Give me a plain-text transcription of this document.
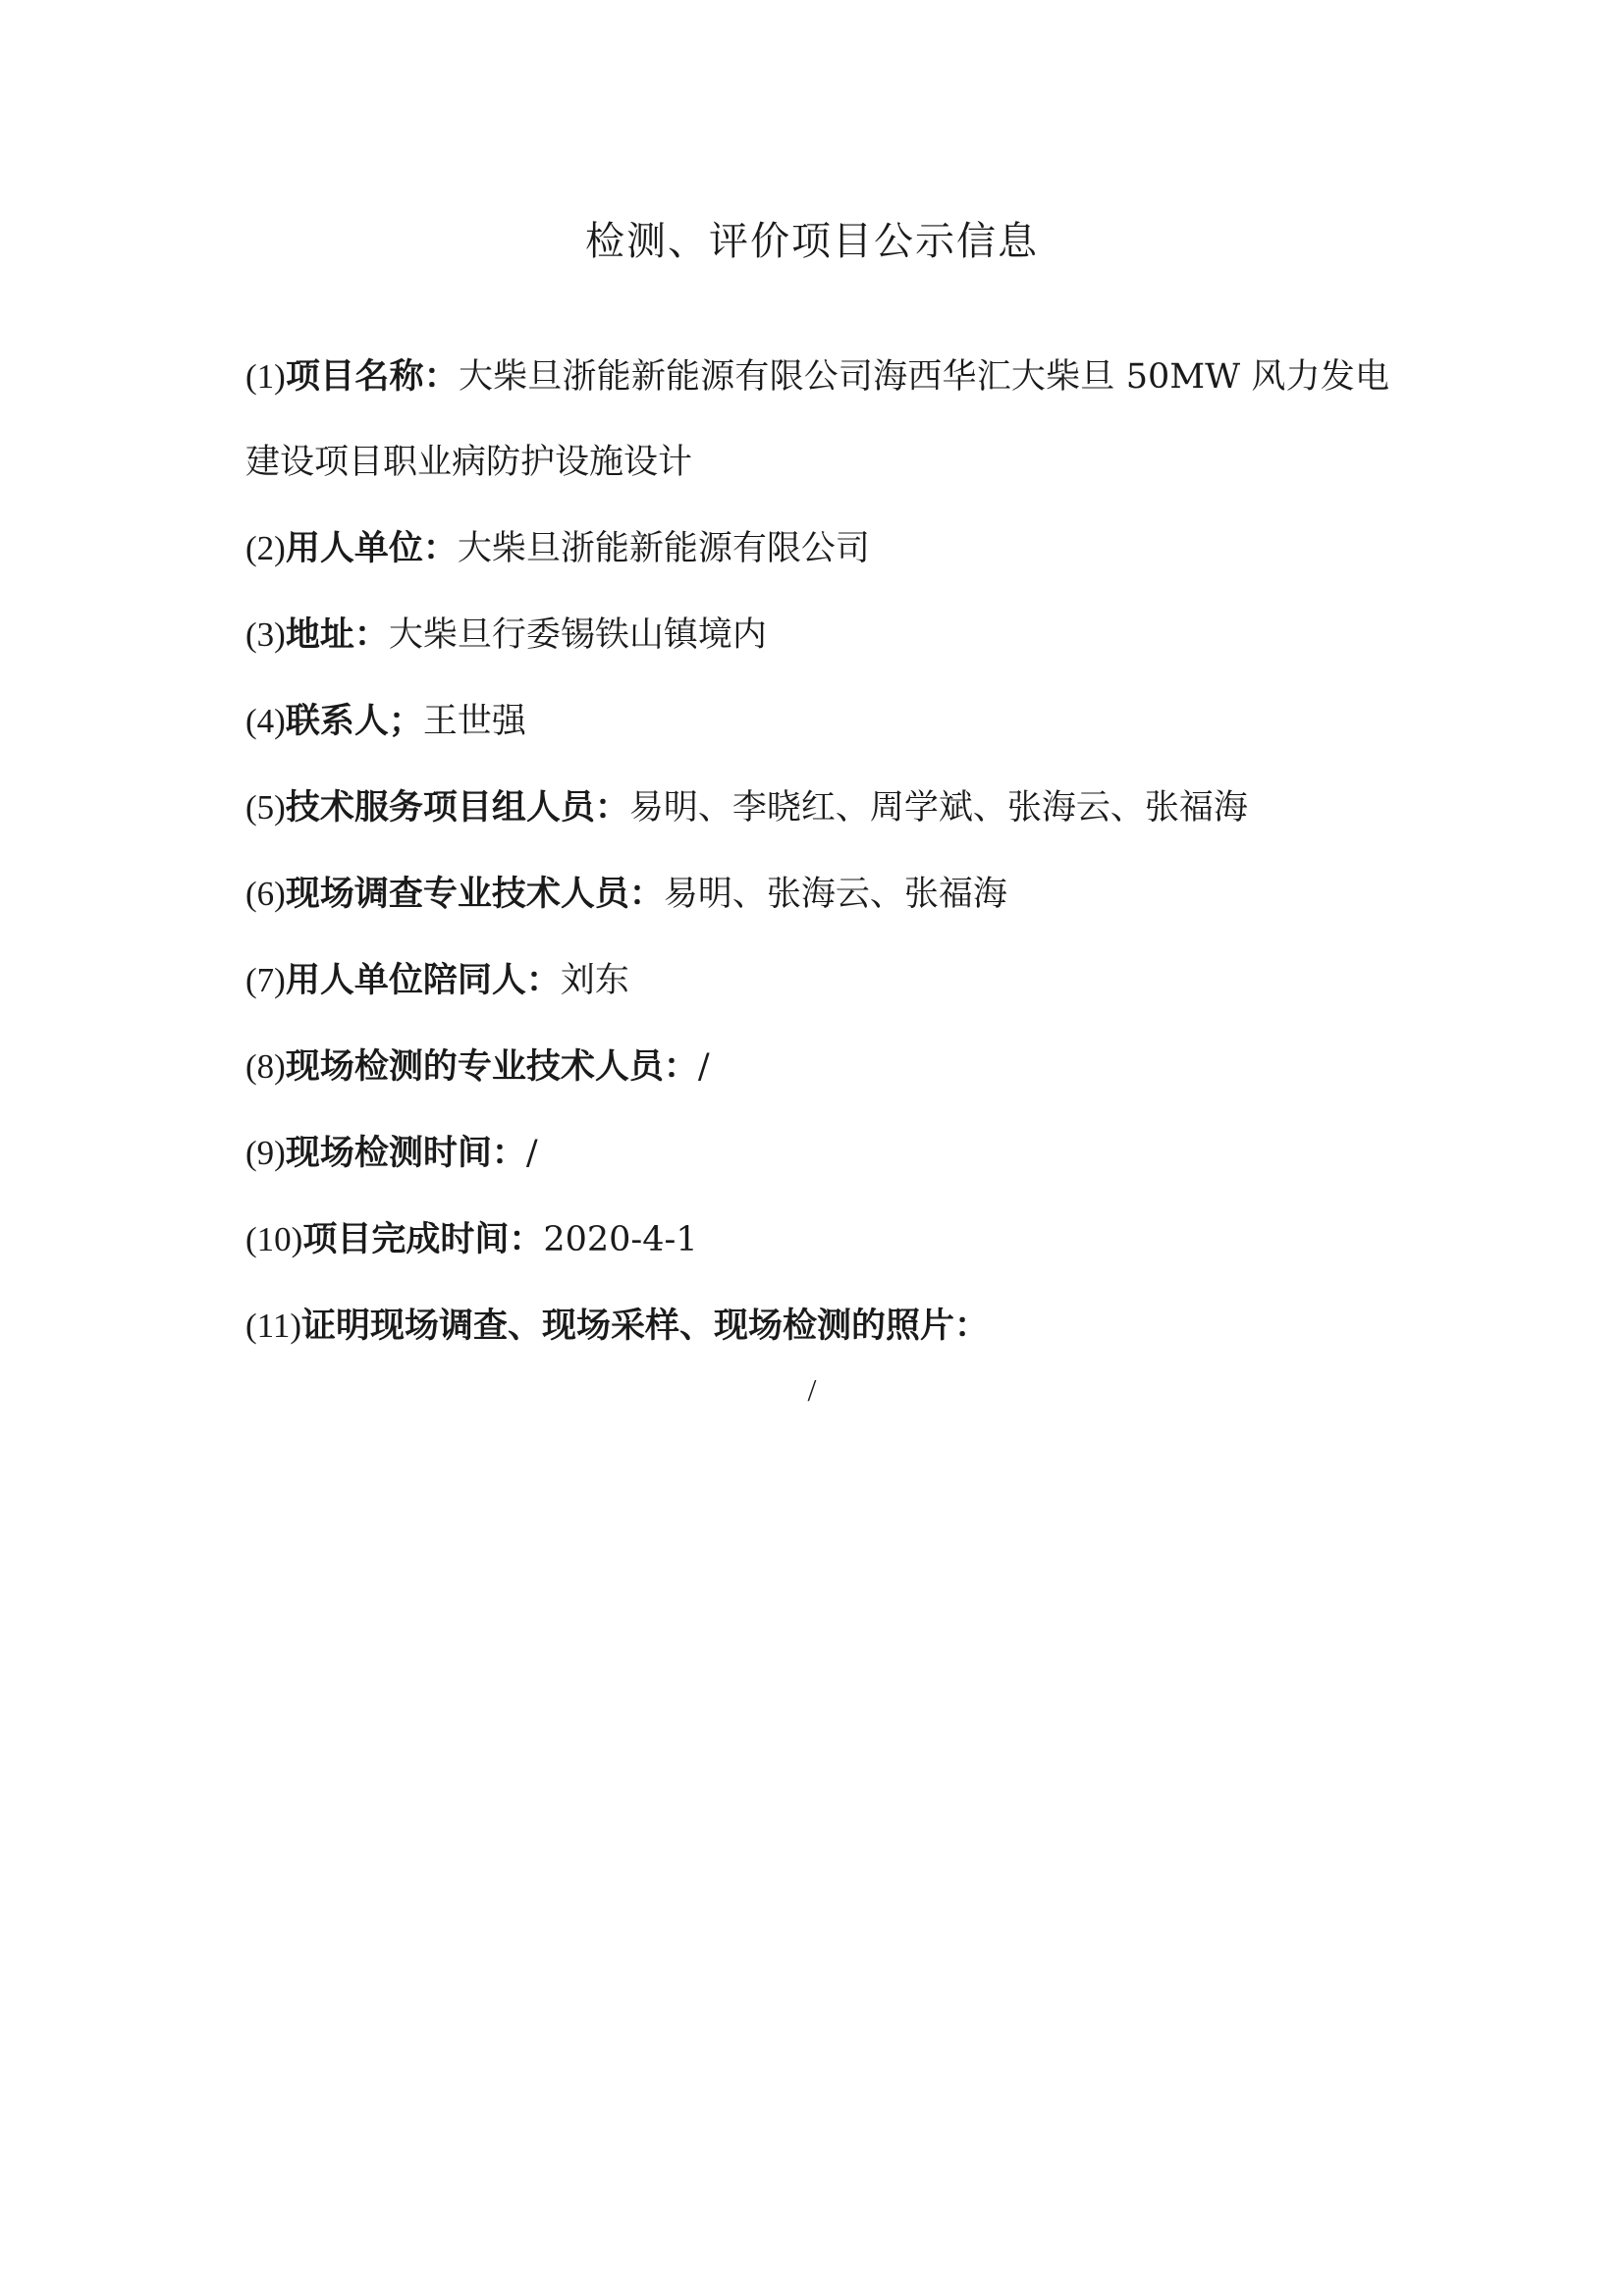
检测、评价项目公示信息
(1)项目名称：大柴旦浙能新能源有限公司海西华汇大柴旦 50MW 风力发电建设项目职业病防护设施设计
(2)用人单位：大柴旦浙能新能源有限公司
(3)地址：大柴旦行委锡铁山镇境内
(4)联系人；王世强
(5)技术服务项目组人员：易明、李晓红、周学斌、张海云、张福海
(6)现场调查专业技术人员：易明、张海云、张福海
(7)用人单位陪同人：刘东
(8)现场检测的专业技术人员：/
(9)现场检测时间：/
(10)项目完成时间：2020-4-1
(11)证明现场调查、现场采样、现场检测的照片：
/
